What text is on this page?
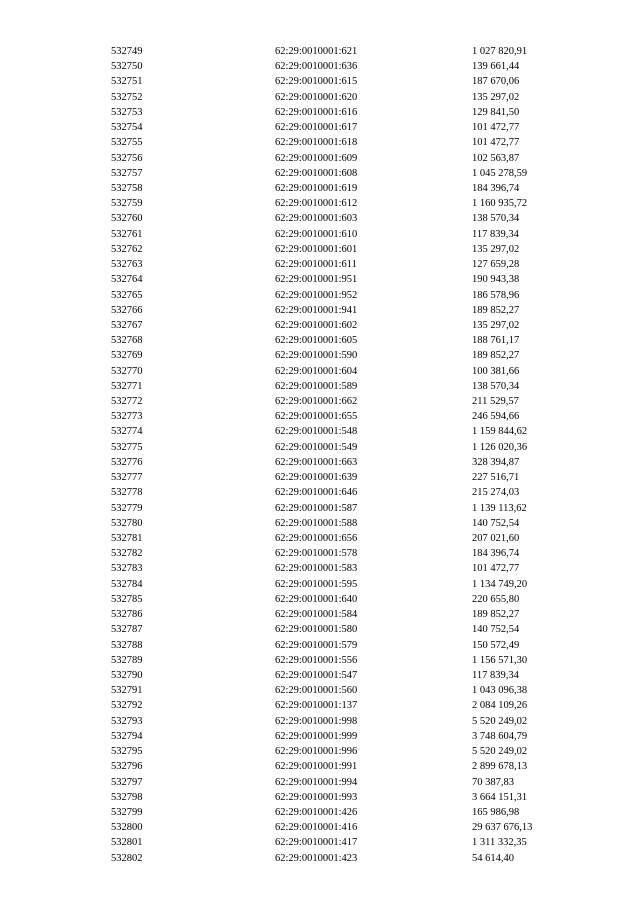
532749	62:29:0010001:621	1 027 820,91
532750	62:29:0010001:636	139 661,44
532751	62:29:0010001:615	187 670,06
532752	62:29:0010001:620	135 297,02
532753	62:29:0010001:616	129 841,50
532754	62:29:0010001:617	101 472,77
532755	62:29:0010001:618	101 472,77
532756	62:29:0010001:609	102 563,87
532757	62:29:0010001:608	1 045 278,59
532758	62:29:0010001:619	184 396,74
532759	62:29:0010001:612	1 160 935,72
532760	62:29:0010001:603	138 570,34
532761	62:29:0010001:610	117 839,34
532762	62:29:0010001:601	135 297,02
532763	62:29:0010001:611	127 659,28
532764	62:29:0010001:951	190 943,38
532765	62:29:0010001:952	186 578,96
532766	62:29:0010001:941	189 852,27
532767	62:29:0010001:602	135 297,02
532768	62:29:0010001:605	188 761,17
532769	62:29:0010001:590	189 852,27
532770	62:29:0010001:604	100 381,66
532771	62:29:0010001:589	138 570,34
532772	62:29:0010001:662	211 529,57
532773	62:29:0010001:655	246 594,66
532774	62:29:0010001:548	1 159 844,62
532775	62:29:0010001:549	1 126 020,36
532776	62:29:0010001:663	328 394,87
532777	62:29:0010001:639	227 516,71
532778	62:29:0010001:646	215 274,03
532779	62:29:0010001:587	1 139 113,62
532780	62:29:0010001:588	140 752,54
532781	62:29:0010001:656	207 021,60
532782	62:29:0010001:578	184 396,74
532783	62:29:0010001:583	101 472,77
532784	62:29:0010001:595	1 134 749,20
532785	62:29:0010001:640	220 655,80
532786	62:29:0010001:584	189 852,27
532787	62:29:0010001:580	140 752,54
532788	62:29:0010001:579	150 572,49
532789	62:29:0010001:556	1 156 571,30
532790	62:29:0010001:547	117 839,34
532791	62:29:0010001:560	1 043 096,38
532792	62:29:0010001:137	2 084 109,26
532793	62:29:0010001:998	5 520 249,02
532794	62:29:0010001:999	3 748 604,79
532795	62:29:0010001:996	5 520 249,02
532796	62:29:0010001:991	2 899 678,13
532797	62:29:0010001:994	70 387,83
532798	62:29:0010001:993	3 664 151,31
532799	62:29:0010001:426	165 986,98
532800	62:29:0010001:416	29 637 676,13
532801	62:29:0010001:417	1 311 332,35
532802	62:29:0010001:423	54 614,40
